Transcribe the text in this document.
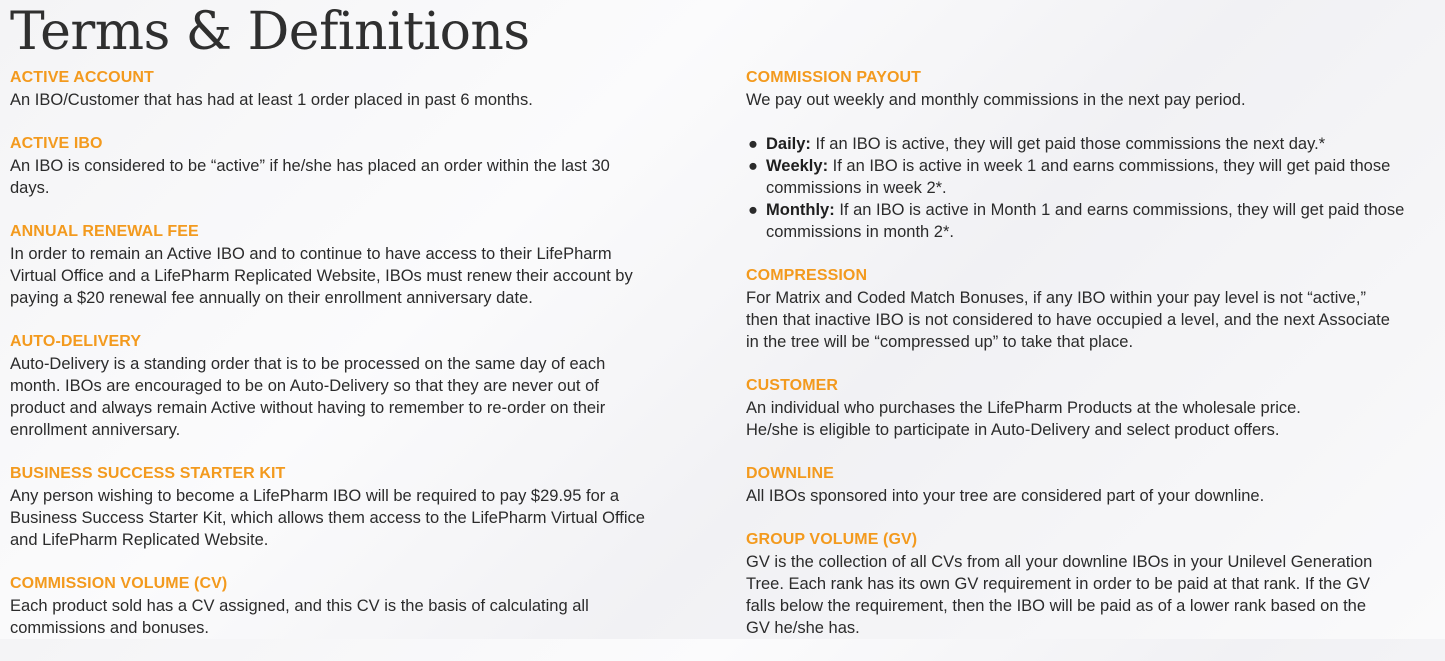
Terms & Definitions
ACTIVE ACCOUNT
An IBO/Customer that has had at least 1 order placed in past 6 months.
ACTIVE IBO
An IBO is considered to be “active” if he/she has placed an order within the last 30
days.
ANNUAL RENEWAL FEE
In order to remain an Active IBO and to continue to have access to their LifePharm
Virtual Office and a LifePharm Replicated Website, IBOs must renew their account by
paying a $20 renewal fee annually on their enrollment anniversary date.
AUTO-DELIVERY
Auto-Delivery is a standing order that is to be processed on the same day of each
month. IBOs are encouraged to be on Auto-Delivery so that they are never out of
product and always remain Active without having to remember to re-order on their
enrollment anniversary.
BUSINESS SUCCESS STARTER KIT
Any person wishing to become a LifePharm IBO will be required to pay $29.95 for a
Business Success Starter Kit, which allows them access to the LifePharm Virtual Office
and LifePharm Replicated Website.
COMMISSION VOLUME (CV)
Each product sold has a CV assigned, and this CV is the basis of calculating all
commissions and bonuses.
COMMISSION PAYOUT
We pay out weekly and monthly commissions in the next pay period.
● Daily: If an IBO is active, they will get paid those commissions the next day.*
● Weekly: If an IBO is active in week 1 and earns commissions, they will get paid those
commissions in week 2*.
● Monthly: If an IBO is active in Month 1 and earns commissions, they will get paid those
commissions in month 2*.
COMPRESSION
For Matrix and Coded Match Bonuses, if any IBO within your pay level is not “active,”
then that inactive IBO is not considered to have occupied a level, and the next Associate
in the tree will be “compressed up” to take that place.
CUSTOMER
An individual who purchases the LifePharm Products at the wholesale price.
He/she is eligible to participate in Auto-Delivery and select product offers.
DOWNLINE
All IBOs sponsored into your tree are considered part of your downline.
GROUP VOLUME (GV)
GV is the collection of all CVs from all your downline IBOs in your Unilevel Generation
Tree. Each rank has its own GV requirement in order to be paid at that rank. If the GV
falls below the requirement, then the IBO will be paid as of a lower rank based on the
GV he/she has.
